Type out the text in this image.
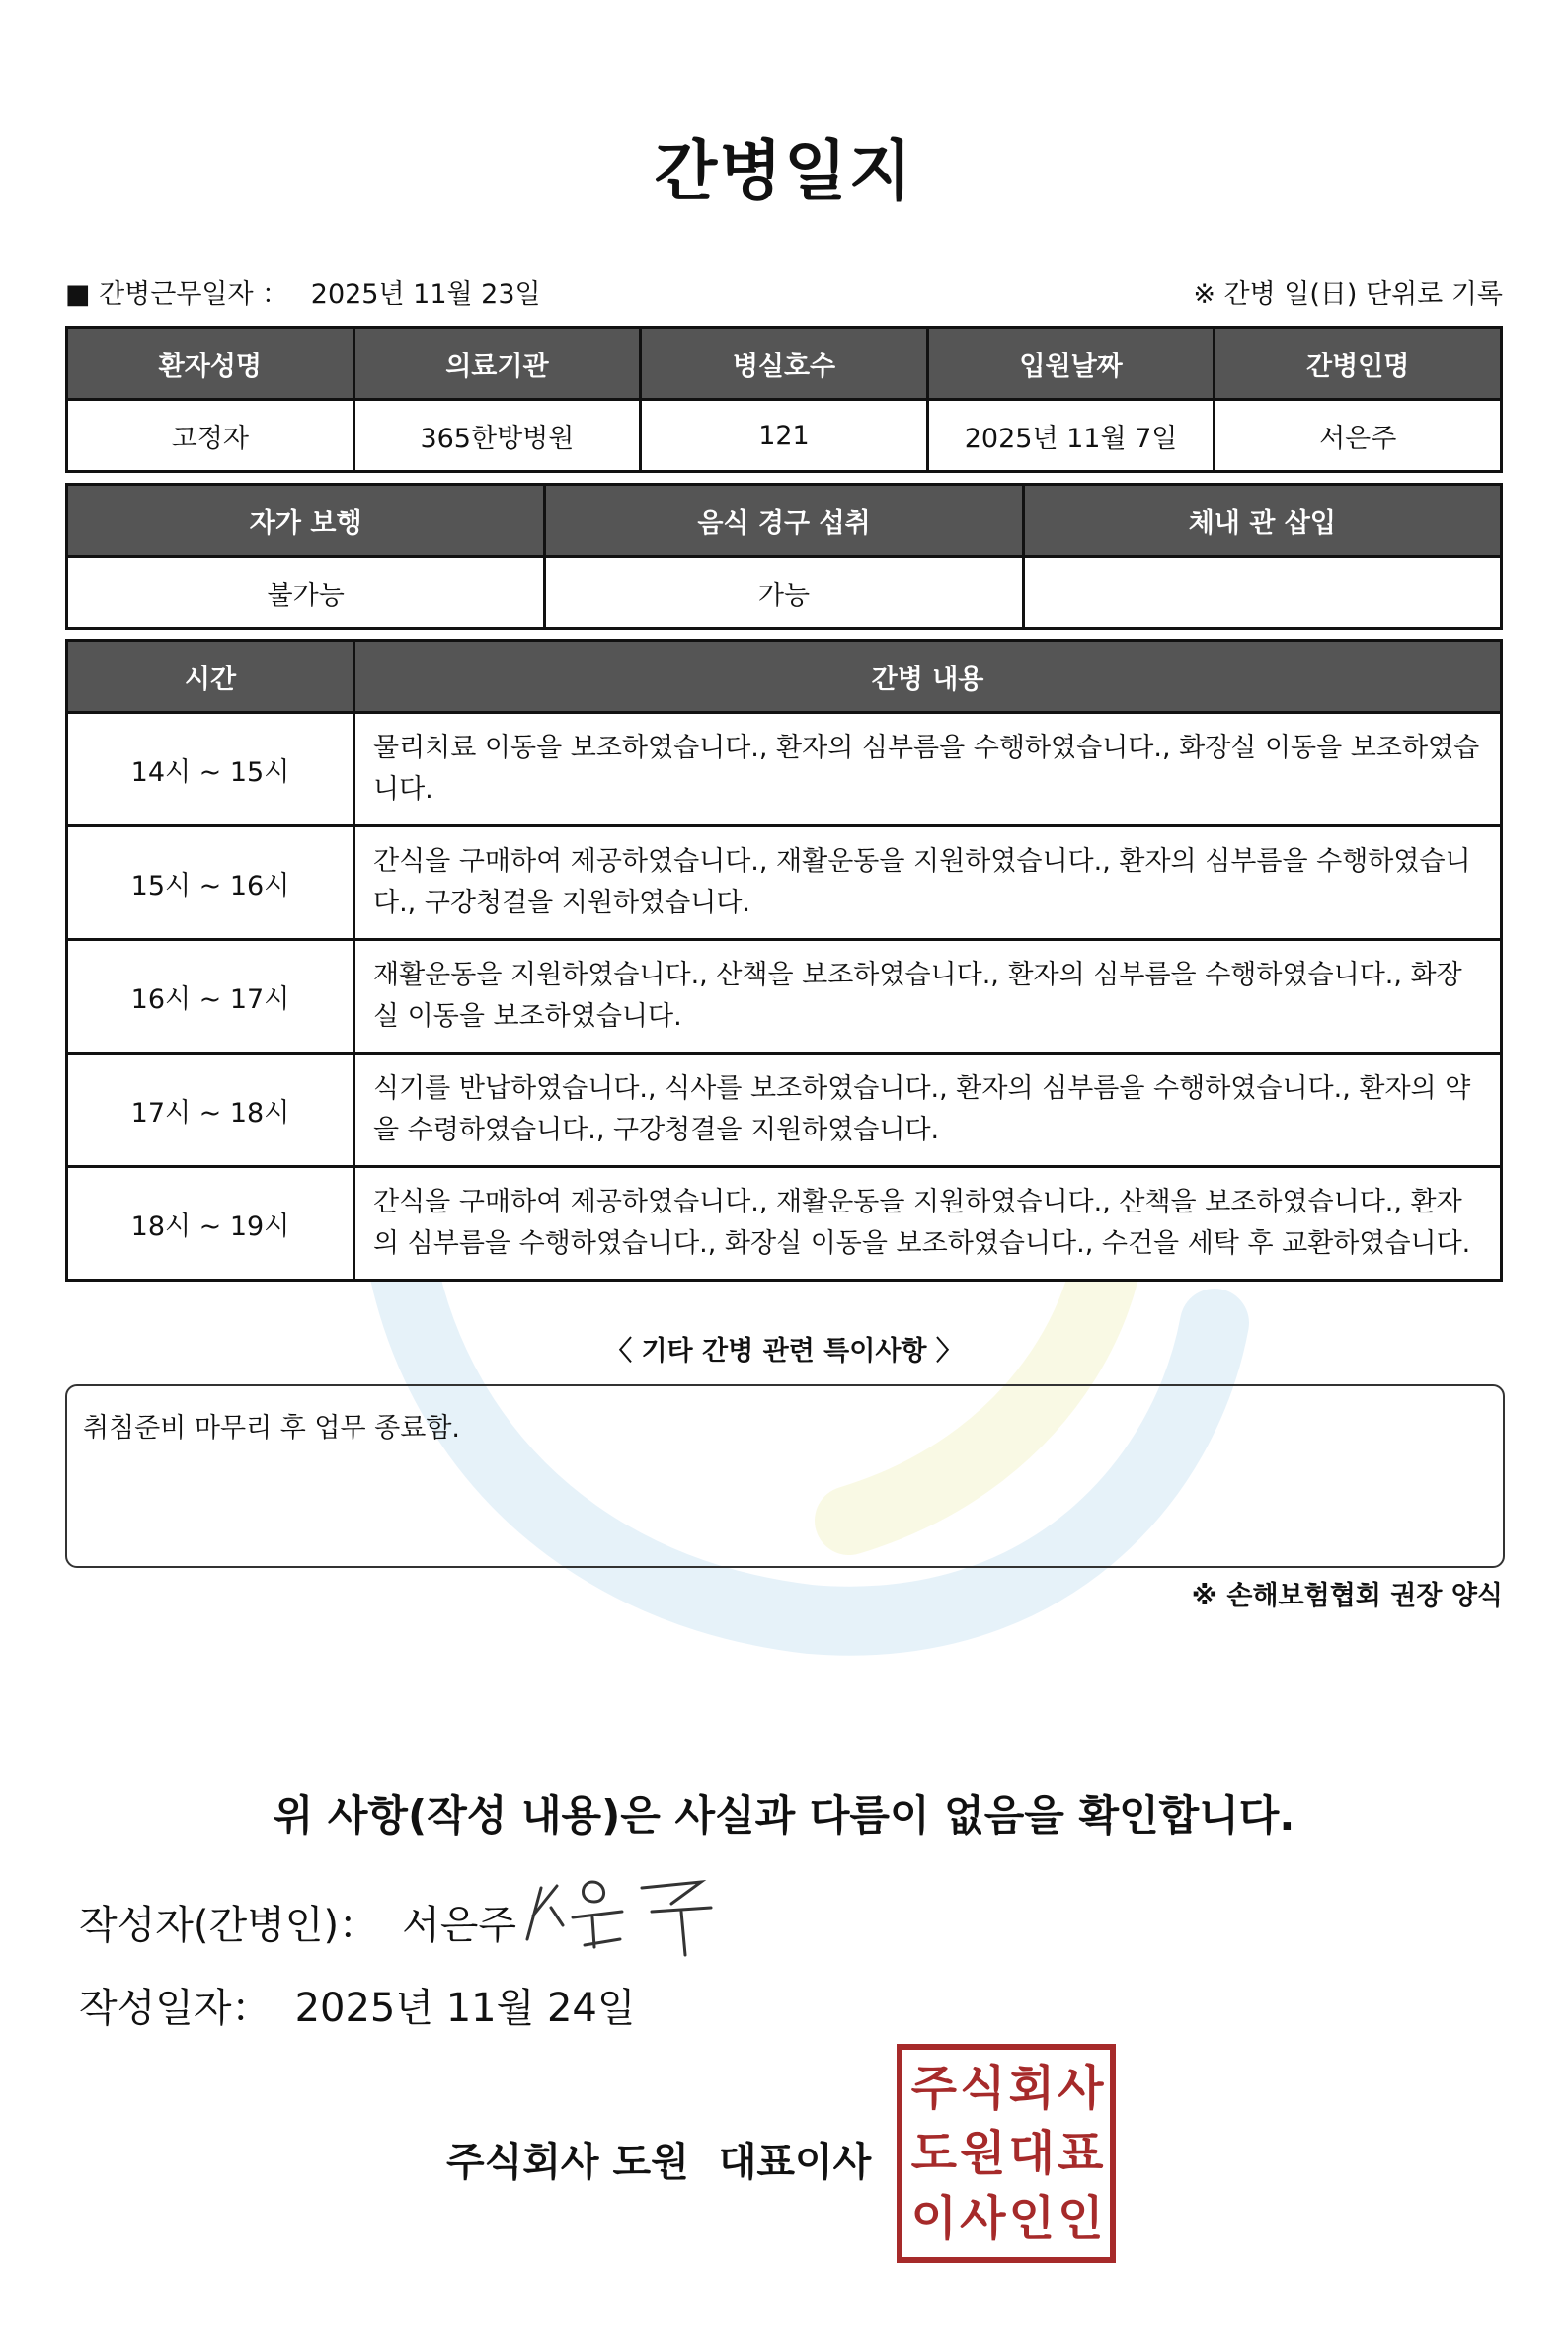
간병일지
■ 간병근무일자 ： 2025년 11월 23일	※ 간병 일(日) 단위로 기록
환자성명	의료기관	병실호수	입원날짜	간병인명
고정자	365한방병원	121	2025년 11월 7일	서은주
자가 보행	음식 경구 섭취	체내 관 삽입
불가능	가능	
시간	간병 내용
14시 ~ 15시	물리치료 이동을 보조하였습니다., 환자의 심부름을 수행하였습니다., 화장실 이동을 보조하였습니다.
15시 ~ 16시	간식을 구매하여 제공하였습니다., 재활운동을 지원하였습니다., 환자의 심부름을 수행하였습니다., 구강청결을 지원하였습니다.
16시 ~ 17시	재활운동을 지원하였습니다., 산책을 보조하였습니다., 환자의 심부름을 수행하였습니다., 화장실 이동을 보조하였습니다.
17시 ~ 18시	식기를 반납하였습니다., 식사를 보조하였습니다., 환자의 심부름을 수행하였습니다., 환자의 약을 수령하였습니다., 구강청결을 지원하였습니다.
18시 ~ 19시	간식을 구매하여 제공하였습니다., 재활운동을 지원하였습니다., 산책을 보조하였습니다., 환자의 심부름을 수행하였습니다., 화장실 이동을 보조하였습니다., 수건을 세탁 후 교환하였습니다.
〈 기타 간병 관련 특이사항 〉
취침준비 마무리 후 업무 종료함.
※ 손해보험협회 권장 양식
위 사항(작성 내용)은 사실과 다름이 없음을 확인합니다.
작성자(간병인)： 서은주
작성일자： 2025년 11월 24일
주식회사 도원 대표이사
주 식 회 사
도 원 대 표
이 사 인 인
